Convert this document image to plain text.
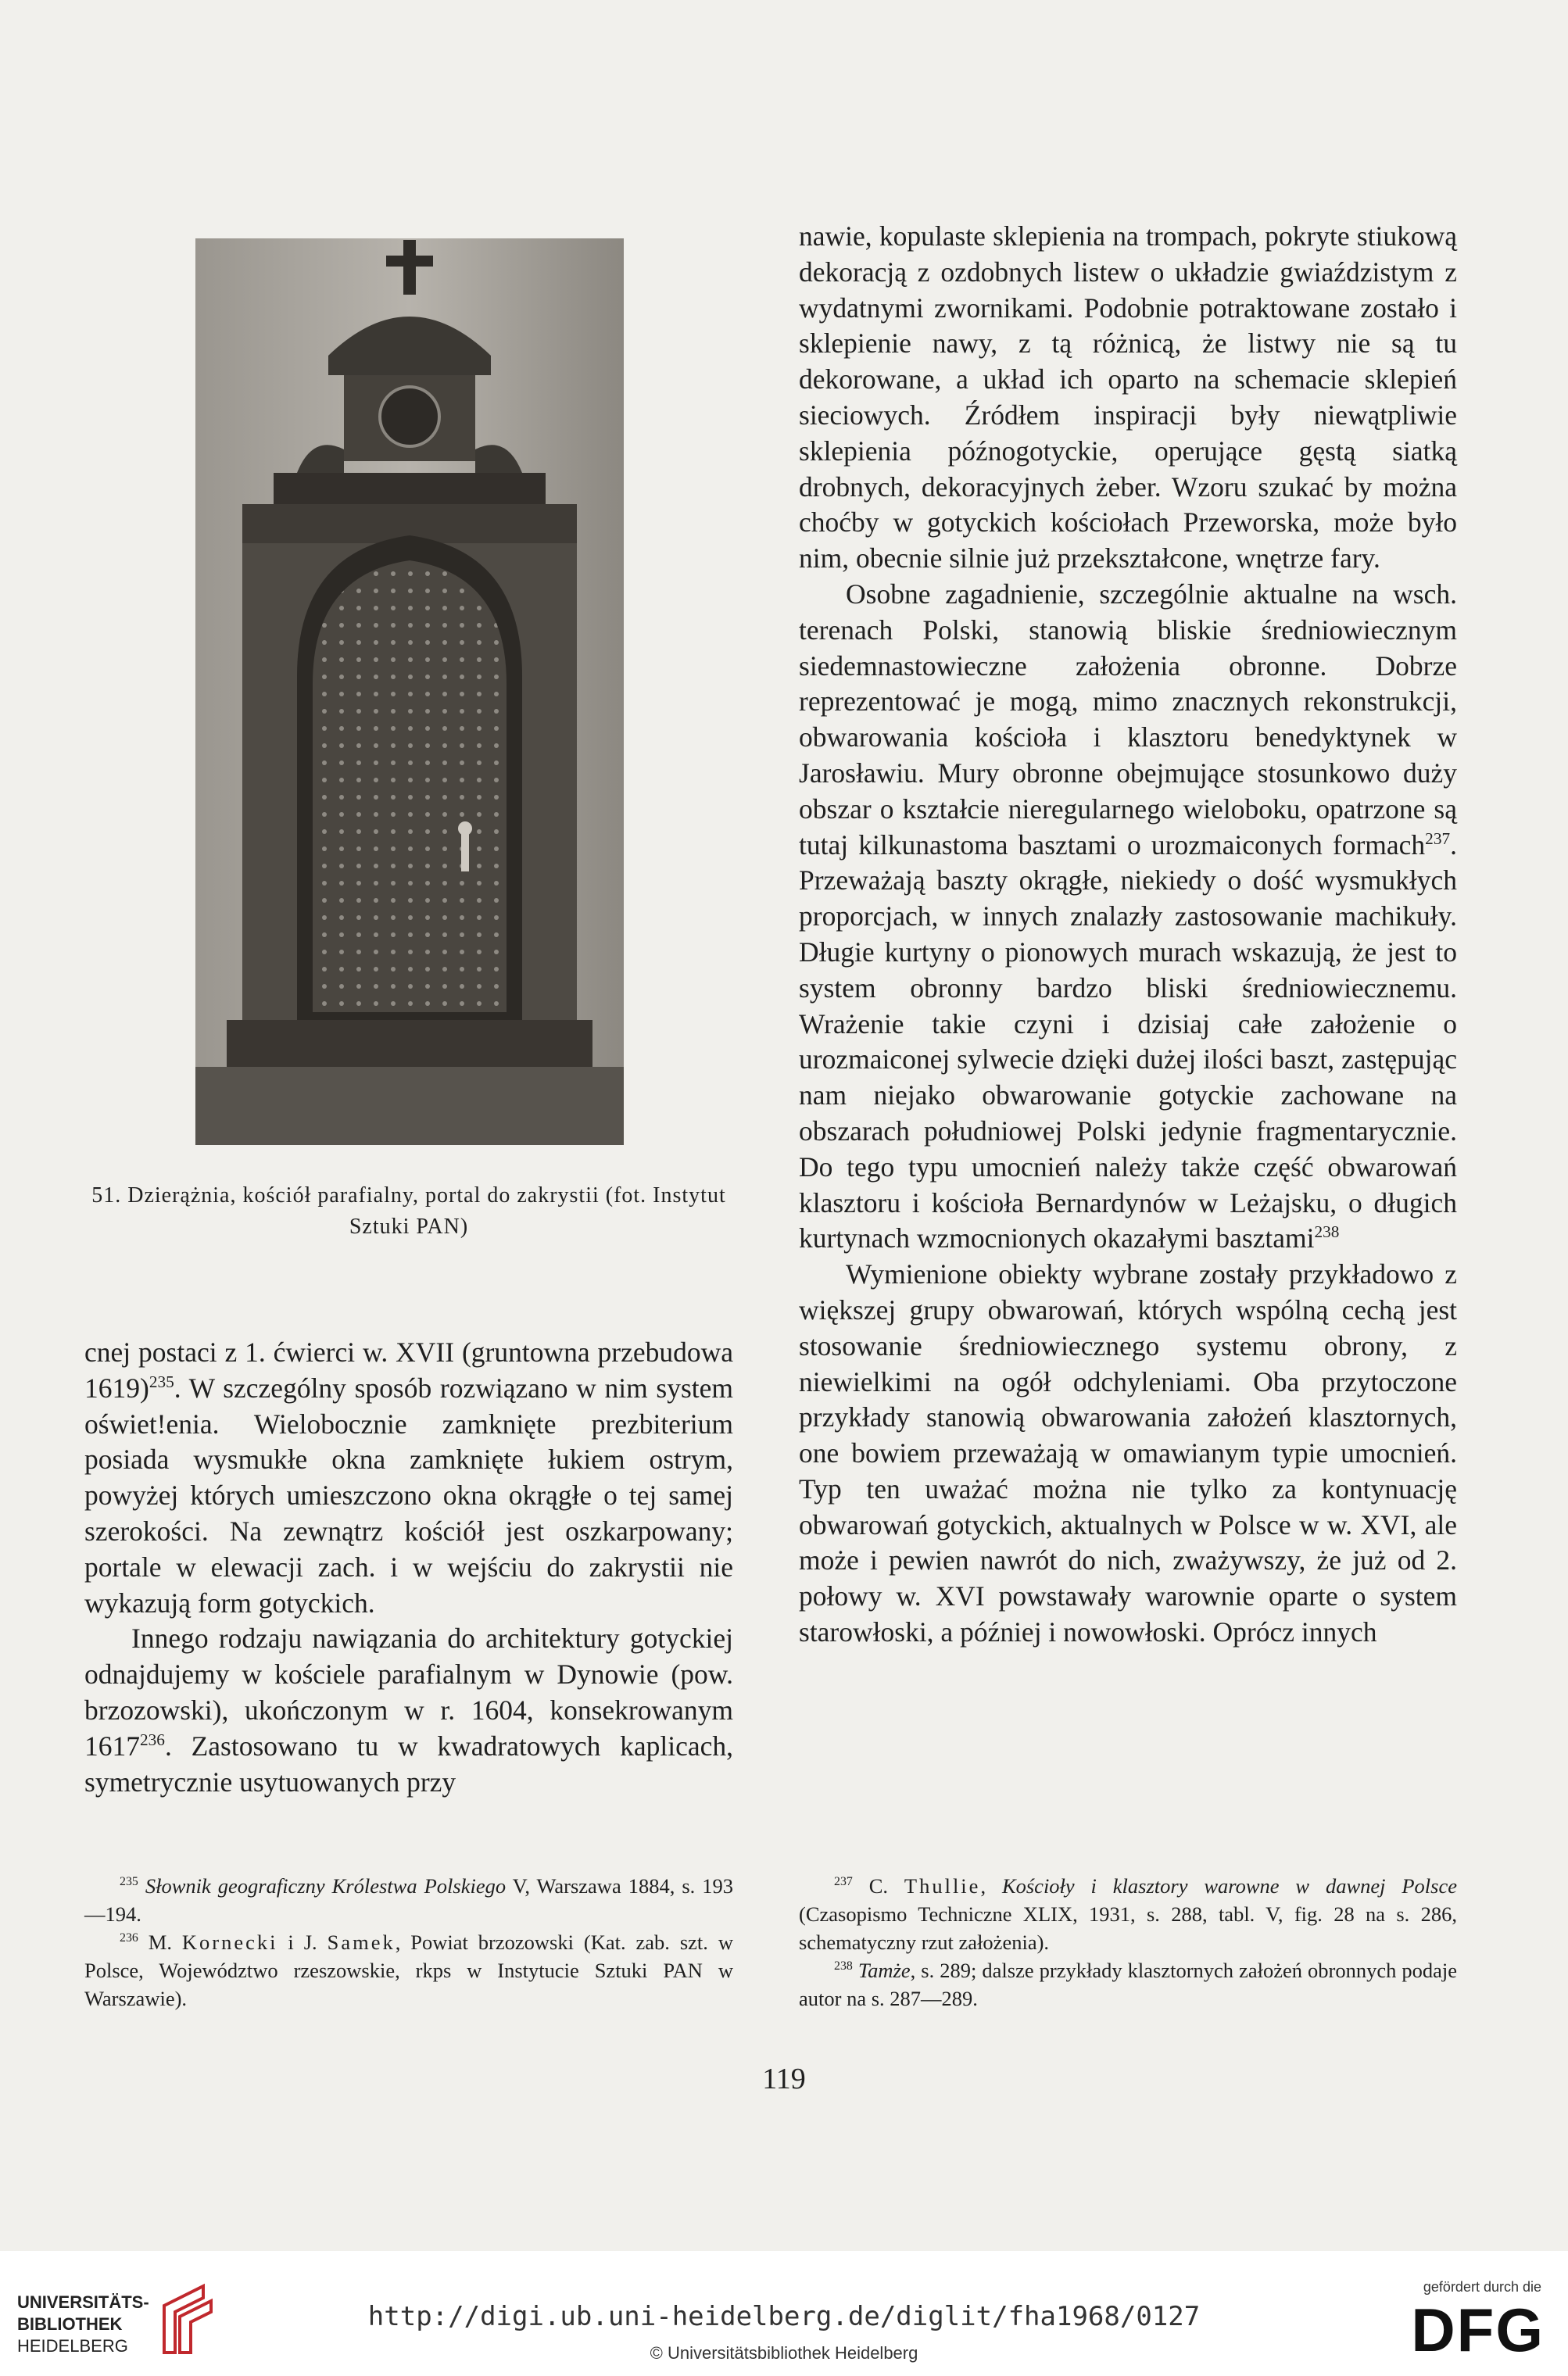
51. Dzierążnia, kościół parafialny, portal do zakrystii (fot. Instytut Sztuki PAN)

nawie, kopulaste sklepienia na trompach, pokryte stiukową dekoracją z ozdobnych listew o układzie gwiaździstym z wydatnymi zwornikami. Podobnie potraktowane zostało i sklepienie nawy, z tą różnicą, że listwy nie są tu dekorowane, a układ ich oparto na schemacie sklepień sieciowych. Źródłem inspiracji były niewątpliwie sklepienia późnogotyckie, operujące gęstą siatką drobnych, dekoracyjnych żeber. Wzoru szukać by można choćby w gotyckich kościołach Przeworska, może było nim, obecnie silnie już przekształcone, wnętrze fary.

Osobne zagadnienie, szczególnie aktualne na wsch. terenach Polski, stanowią bliskie średniowiecznym siedemnastowieczne założenia obronne. Dobrze reprezentować je mogą, mimo znacznych rekonstrukcji, obwarowania kościoła i klasztoru benedyktynek w Jarosławiu. Mury obronne obejmujące stosunkowo duży obszar o kształcie nieregularnego wieloboku, opatrzone są tutaj kilkunastoma basztami o urozmaiconych formach$^{237}$. Przeważają baszty okrągłe, niekiedy o dość wysmukłych proporcjach, w innych znalazły zastosowanie machikuły. Długie kurtyny o pionowych murach wskazują, że jest to system obronny bardzo bliski średniowiecznemu. Wrażenie takie czyni i dzisiaj całe założenie o urozmaiconej sylwecie dzięki dużej ilości baszt, zastępując nam niejako obwarowanie gotyckie zachowane na obszarach południowej Polski jedynie fragmentarycznie. Do tego typu umocnień należy także część obwarowań klasztoru i kościoła Bernardynów w Leżajsku, o długich kurtynach wzmocnionych okazałymi basztami$^{238}$

Wymienione obiekty wybrane zostały przykładowo z większej grupy obwarowań, których wspólną cechą jest stosowanie średniowiecznego systemu obrony, z niewielkimi na ogół odchyleniami. Oba przytoczone przykłady stanowią obwarowania założeń klasztornych, one bowiem przeważają w omawianym typie umocnień. Typ ten uważać można nie tylko za kontynuację obwarowań gotyckich, aktualnych w Polsce w w. XVI, ale może i pewien nawrót do nich, zważywszy, że już od 2. połowy w. XVI powstawały warownie oparte o system starowłoski, a później i nowowłoski. Oprócz innych

cnej postaci z 1. ćwierci w. XVII (gruntowna przebudowa 1619)$^{235}$. W szczególny sposób rozwiązano w nim system oświet!enia. Wielobocznie zamknięte prezbiterium posiada wysmukłe okna zamknięte łukiem ostrym, powyżej których umieszczono okna okrągłe o tej samej szerokości. Na zewnątrz kościół jest oszkarpowany; portale w elewacji zach. i w wejściu do zakrystii nie wykazują form gotyckich.

Innego rodzaju nawiązania do architektury gotyckiej odnajdujemy w kościele parafialnym w Dynowie (pow. brzozowski), ukończonym w r. 1604, konsekrowanym 1617$^{236}$. Zastosowano tu w kwadratowych kaplicach, symetrycznie usytuowanych przy

$^{235}$ Słownik geograficzny Królestwa Polskiego V, Warszawa 1884, s. 193—194.

$^{236}$ M. Kornecki i J. Samek, Powiat brzozowski (Kat. zab. szt. w Polsce, Województwo rzeszowskie, rkps w Instytucie Sztuki PAN w Warszawie).

$^{237}$ C. Thullie, Kościoły i klasztory warowne w dawnej Polsce (Czasopismo Techniczne XLIX, 1931, s. 288, tabl. V, fig. 28 na s. 286, schematyczny rzut założenia).

$^{238}$ Tamże, s. 289; dalsze przykłady klasztornych założeń obronnych podaje autor na s. 287—289.

119
UNIVERSITÄTS-
BIBLIOTHEK
HEIDELBERG
http://digi.ub.uni-heidelberg.de/diglit/fha1968/0127
© Universitätsbibliothek Heidelberg
gefördert durch die
DFG
